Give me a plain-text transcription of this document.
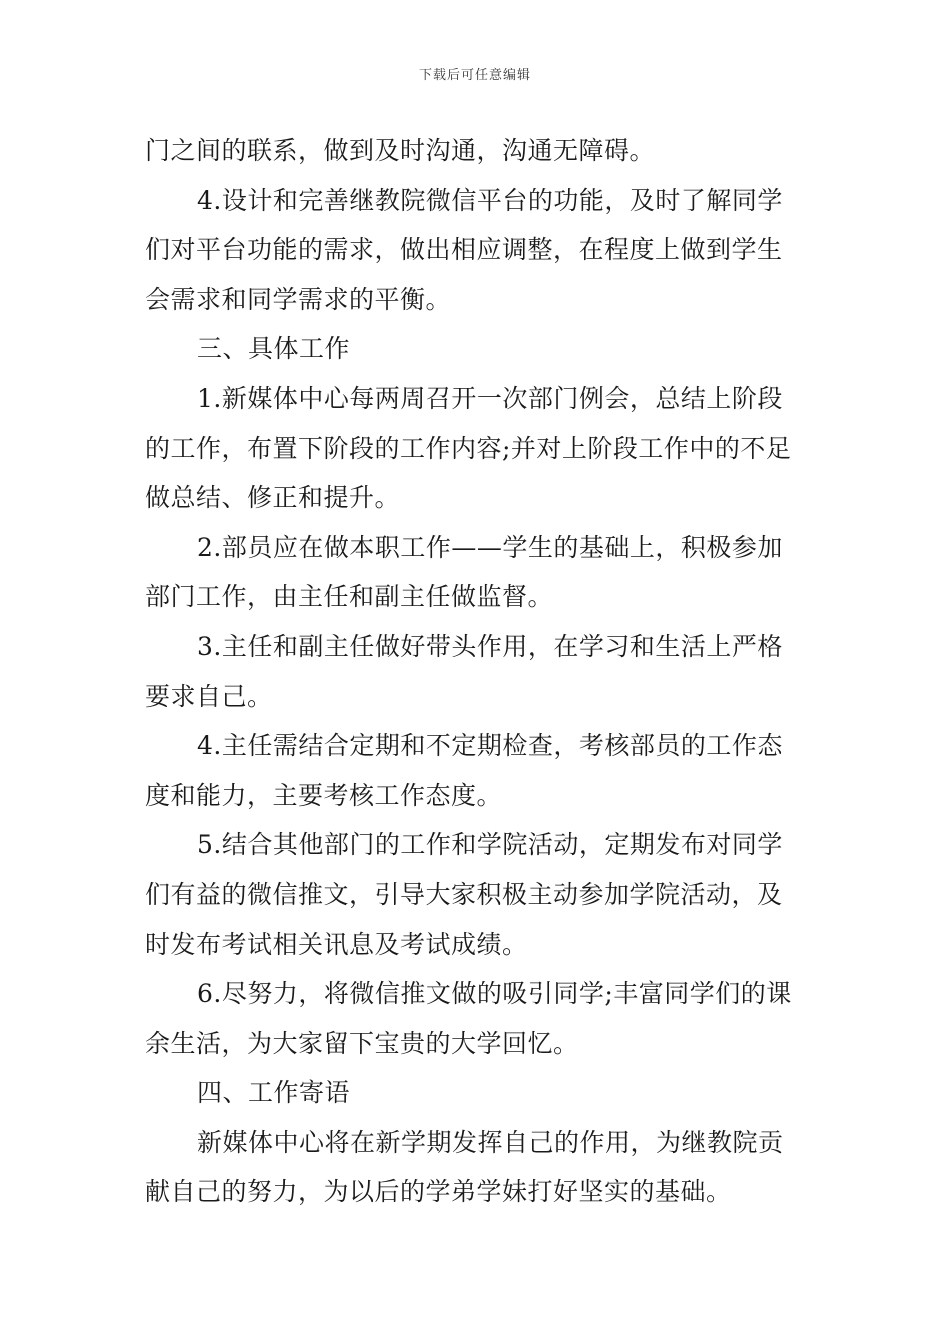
下载后可任意编辑
门之间的联系，做到及时沟通，沟通无障碍。
4.设计和完善继教院微信平台的功能，及时了解同学
们对平台功能的需求，做出相应调整，在程度上做到学生
会需求和同学需求的平衡。
三、具体工作
1.新媒体中心每两周召开一次部门例会，总结上阶段
的工作，布置下阶段的工作内容;并对上阶段工作中的不足
做总结、修正和提升。
2.部员应在做本职工作——学生的基础上，积极参加
部门工作，由主任和副主任做监督。
3.主任和副主任做好带头作用，在学习和生活上严格
要求自己。
4.主任需结合定期和不定期检查，考核部员的工作态
度和能力，主要考核工作态度。
5.结合其他部门的工作和学院活动，定期发布对同学
们有益的微信推文，引导大家积极主动参加学院活动，及
时发布考试相关讯息及考试成绩。
6.尽努力，将微信推文做的吸引同学;丰富同学们的课
余生活，为大家留下宝贵的大学回忆。
四、工作寄语
新媒体中心将在新学期发挥自己的作用，为继教院贡
献自己的努力，为以后的学弟学妹打好坚实的基础。
